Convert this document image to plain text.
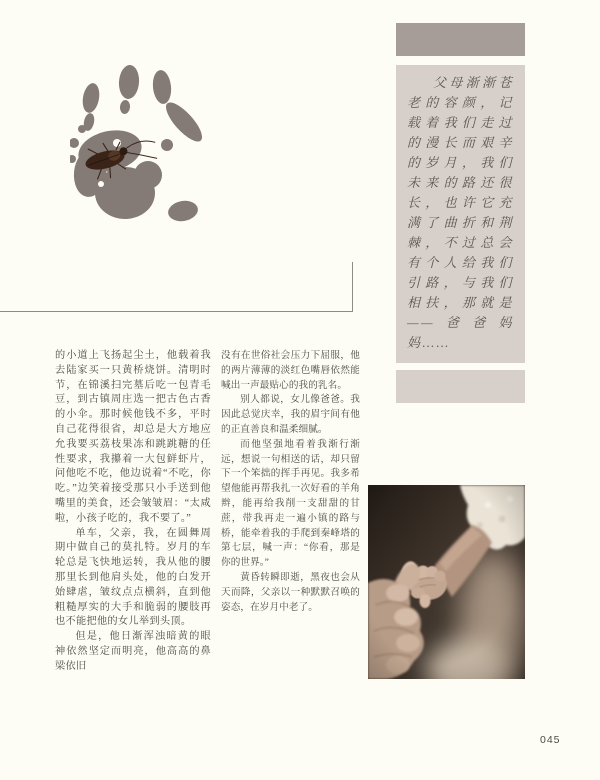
的小道上飞扬起尘土，他载着我去陆家买一只黄桥烧饼。清明时节，在锦溪扫完墓后吃一包青毛豆，到古镇周庄选一把古色古香的小伞。那时候他钱不多，平时自己花得很省，却总是大方地应允我要买荔枝果冻和跳跳糖的任性要求，我攥着一大包鲜虾片，问他吃不吃，他边说着“不吃，你吃。”边笑着接受那只小手送到他嘴里的美食，还会皱皱眉：“太咸啦，小孩子吃的，我不要了。”

单车，父亲，我，在圆舞周期中做自己的莫扎特。岁月的车轮总是飞快地运转，我从他的腰那里长到他肩头处，他的白发开始肆虐，皱纹点点横斜，直到他粗糙厚实的大手和脆弱的腰肢再也不能把他的女儿举到头顶。

但是，他日渐浑浊暗黄的眼神依然坚定而明亮，他高高的鼻梁依旧

没有在世俗社会压力下屈服，他的两片薄薄的淡红色嘴唇依然能喊出一声最贴心的我的乳名。

别人都说，女儿像爸爸。我因此总觉庆幸，我的眉宇间有他的正直善良和温柔细腻。

而他坚强地看着我渐行渐远，想说一句相送的话，却只留下一个笨拙的挥手再见。我多希望他能再帮我扎一次好看的羊角辫，能再给我削一支甜甜的甘蔗，带我再走一遍小镇的路与桥，能牵着我的手爬到秦峰塔的第七层，喊一声：“你看，那是你的世界。”

黄昏转瞬即逝，黑夜也会从天而降，父亲以一种默默召唤的姿态，在岁月中老了。

父母渐渐苍老的容颜，记载着我们走过的漫长而艰辛的岁月，我们未来的路还很长，也许它充满了曲折和荆棘，不过总会有个人给我们引路，与我们相扶，那就是——爸爸妈妈……

045
